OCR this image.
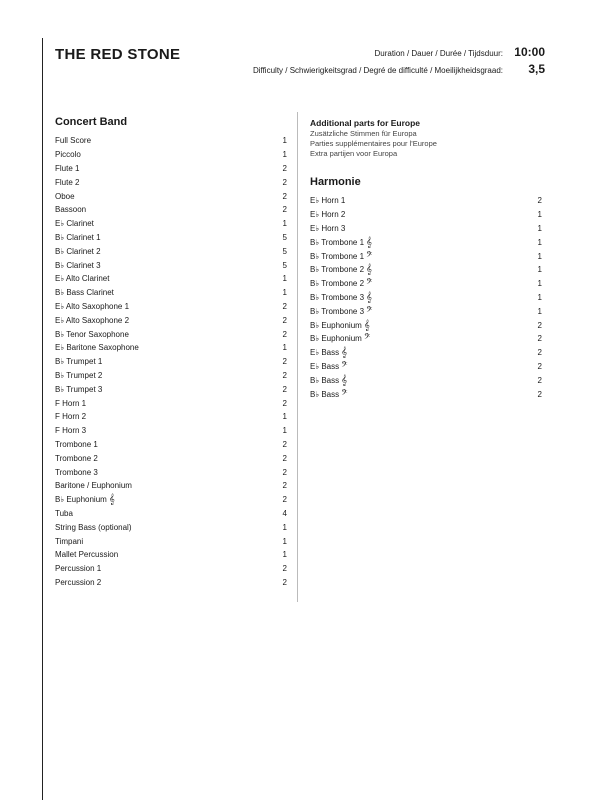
THE RED STONE	Duration / Dauer / Durée / Tijdsduur: 10:00
Difficulty / Schwierigkeitsgrad / Degré de difficulté / Moeilijkheidsgraad:	3,5
Concert Band
Full Score	1
Piccolo	1
Flute 1	2
Flute 2	2
Oboe	2
Bassoon	2
E♭ Clarinet	1
B♭ Clarinet 1	5
B♭ Clarinet 2	5
B♭ Clarinet 3	5
E♭ Alto Clarinet	1
B♭ Bass Clarinet	1
E♭ Alto Saxophone 1	2
E♭ Alto Saxophone 2	2
B♭ Tenor Saxophone	2
E♭ Baritone Saxophone	1
B♭ Trumpet 1	2
B♭ Trumpet 2	2
B♭ Trumpet 3	2
F Horn 1	2
F Horn 2	1
F Horn 3	1
Trombone 1	2
Trombone 2	2
Trombone 3	2
Baritone / Euphonium	2
B♭ Euphonium 𝄞	2
Tuba	4
String Bass (optional)	1
Timpani	1
Mallet Percussion	1
Percussion 1	2
Percussion 2	2
Additional parts for Europe
Zusätzliche Stimmen für Europa
Parties supplémentaires pour l'Europe
Extra partijen voor Europa
Harmonie
E♭ Horn 1	2
E♭ Horn 2	1
E♭ Horn 3	1
B♭ Trombone 1 𝄞	1
B♭ Trombone 1 𝄢	1
B♭ Trombone 2 𝄞	1
B♭ Trombone 2 𝄢	1
B♭ Trombone 3 𝄞	1
B♭ Trombone 3 𝄢	1
B♭ Euphonium 𝄞	2
B♭ Euphonium 𝄢	2
E♭ Bass 𝄞	2
E♭ Bass 𝄢	2
B♭ Bass 𝄞	2
B♭ Bass 𝄢	2
